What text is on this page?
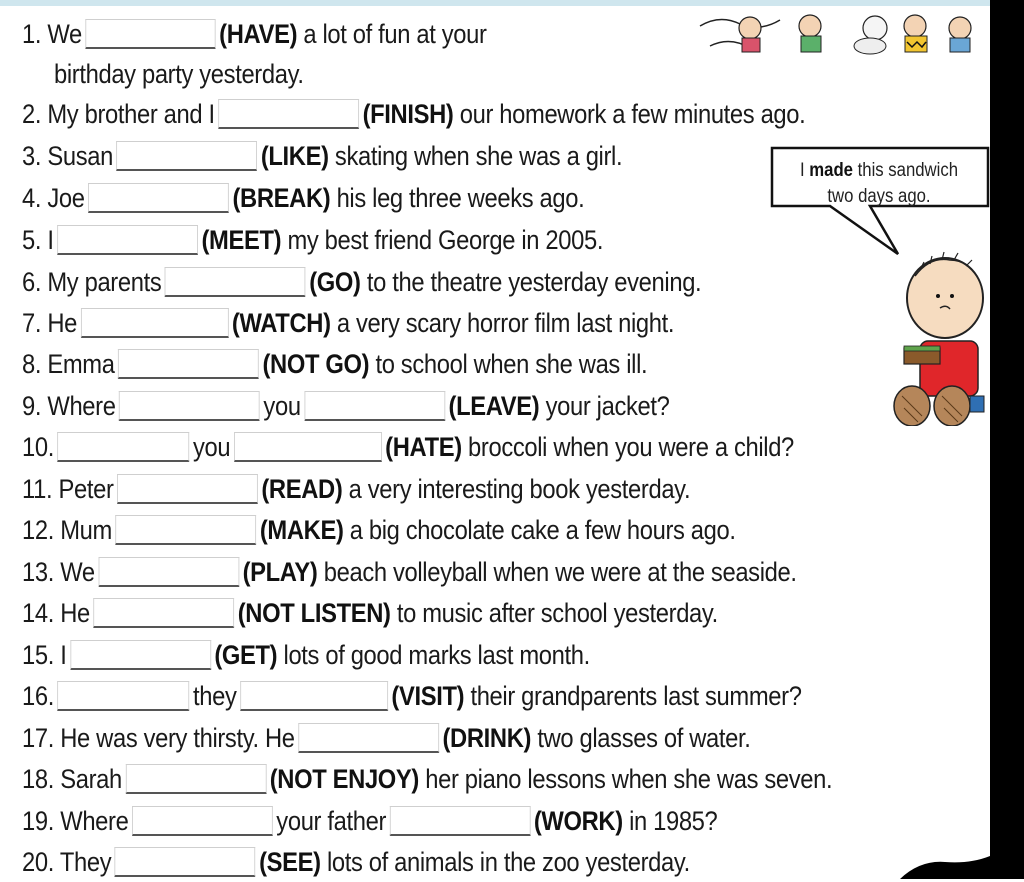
I made this sandwich
two days ago.
1. We	(HAVE) a lot of fun at your
birthday party yesterday.
2. My brother and I	(FINISH) our homework a few minutes ago.
3. Susan	(LIKE) skating when she was a girl.
4. Joe	(BREAK) his leg three weeks ago.
5. I	(MEET) my best friend George in 2005.
6. My parents	(GO) to the theatre yesterday evening.
7. He	(WATCH) a very scary horror film last night.
8. Emma	(NOT GO) to school when she was ill.
9. Where	you	(LEAVE) your jacket?
10.	you	(HATE) broccoli when you were a child?
11. Peter	(READ) a very interesting book yesterday.
12. Mum	(MAKE) a big chocolate cake a few hours ago.
13. We	(PLAY) beach volleyball when we were at the seaside.
14. He	(NOT LISTEN) to music after school yesterday.
15. I	(GET) lots of good marks last month.
16.	they	(VISIT) their grandparents last summer?
17. He was very thirsty. He	(DRINK) two glasses of water.
18. Sarah	(NOT ENJOY) her piano lessons when she was seven.
19. Where	your father	(WORK) in 1985?
20. They	(SEE) lots of animals in the zoo yesterday.
